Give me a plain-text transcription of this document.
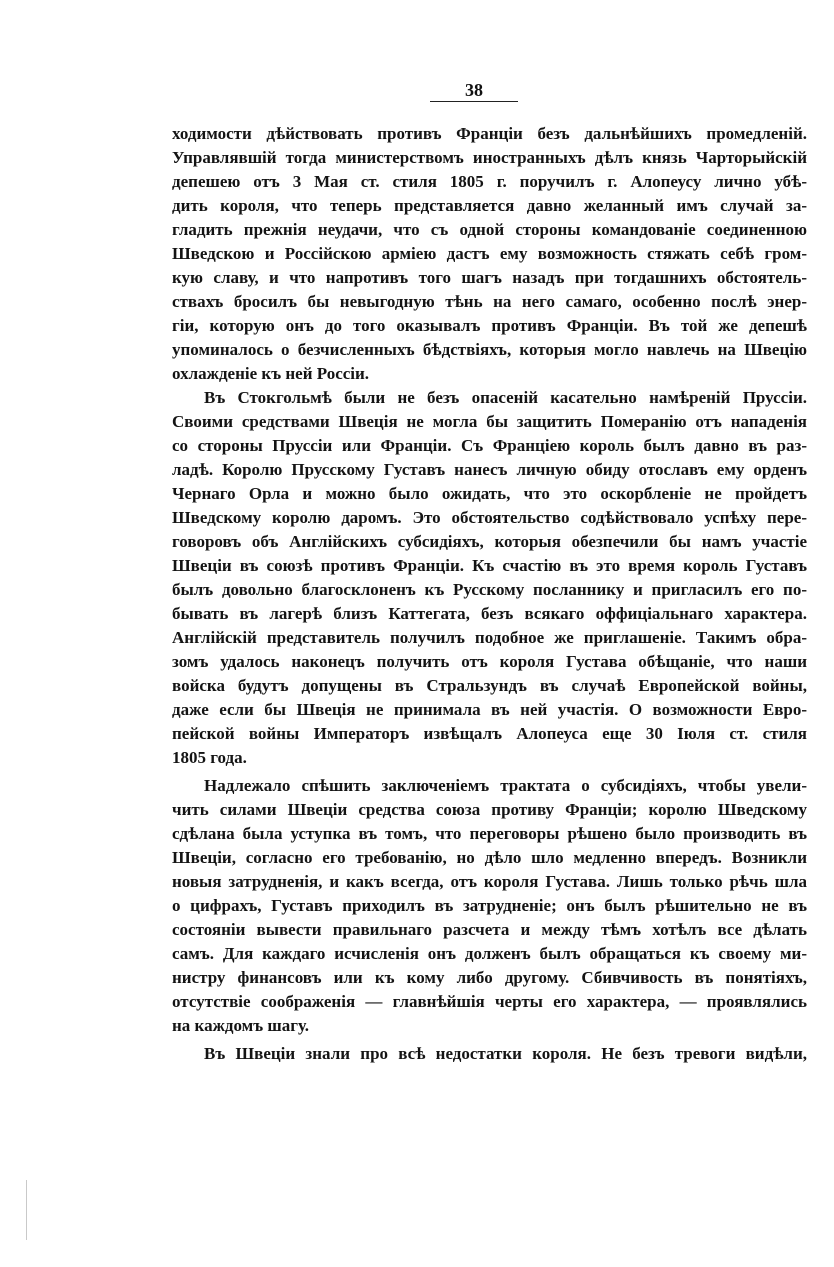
38
ходимости дѣйствовать противъ Франціи безъ дальнѣйшихъ промедленій.
Управлявшій тогда министерствомъ иностранныхъ дѣлъ князь Чарторыйскій
депешею отъ 3 Мая ст. стиля 1805 г. поручилъ г. Алопеусу лично убѣ-
дить короля, что теперь представляется давно желанный имъ случай за-
гладить прежнія неудачи, что съ одной стороны командованіе соединенною
Шведскою и Россійскою арміею дастъ ему возможность стяжать себѣ гром-
кую славу, и что напротивъ того шагъ назадъ при тогдашнихъ обстоятель-
ствахъ бросилъ бы невыгодную тѣнь на него самаго, особенно послѣ энер-
гіи, которую онъ до того оказывалъ противъ Франціи. Въ той же депешѣ
упоминалось о безчисленныхъ бѣдствіяхъ, которыя могло навлечь на Швецію
охлажденіе къ ней Россіи.
Въ Стокгольмѣ были не безъ опасеній касательно намѣреній Пруссіи.
Своими средствами Швеція не могла бы защитить Померанію отъ нападенія
со стороны Пруссіи или Франціи. Съ Франціею король былъ давно въ раз-
ладѣ. Королю Прусскому Густавъ нанесъ личную обиду отославъ ему орденъ
Чернаго Орла и можно было ожидать, что это оскорбленіе не пройдетъ
Шведскому королю даромъ. Это обстоятельство содѣйствовало успѣху пере-
говоровъ объ Англійскихъ субсидіяхъ, которыя обезпечили бы намъ участіе
Швеціи въ союзѣ противъ Франціи. Къ счастію въ это время король Густавъ
былъ довольно благосклоненъ къ Русскому посланнику и пригласилъ его по-
бывать въ лагерѣ близъ Каттегата, безъ всякаго оффиціальнаго характера.
Англійскій представитель получилъ подобное же приглашеніе. Такимъ обра-
зомъ удалось наконецъ получить отъ короля Густава обѣщаніе, что наши
войска будутъ допущены въ Стральзундъ въ случаѣ Европейской войны,
даже если бы Швеція не принимала въ ней участія. О возможности Евро-
пейской войны Императоръ извѣщалъ Алопеуса еще 30 Іюля ст. стиля
1805 года.
Надлежало спѣшить заключеніемъ трактата о субсидіяхъ, чтобы увели-
чить силами Швеціи средства союза противу Франціи; королю Шведскому
сдѣлана была уступка въ томъ, что переговоры рѣшено было производить въ
Швеціи, согласно его требованію, но дѣло шло медленно впередъ. Возникли
новыя затрудненія, и какъ всегда, отъ короля Густава. Лишь только рѣчь шла
о цифрахъ, Густавъ приходилъ въ затрудненіе; онъ былъ рѣшительно не въ
состояніи вывести правильнаго разсчета и между тѣмъ хотѣлъ все дѣлать
самъ. Для каждаго исчисленія онъ долженъ былъ обращаться къ своему ми-
нистру финансовъ или къ кому либо другому. Сбивчивость въ понятіяхъ,
отсутствіе соображенія — главнѣйшія черты его характера, — проявлялись
на каждомъ шагу.
Въ Швеціи знали про всѣ недостатки короля. Не безъ тревоги видѣли,
